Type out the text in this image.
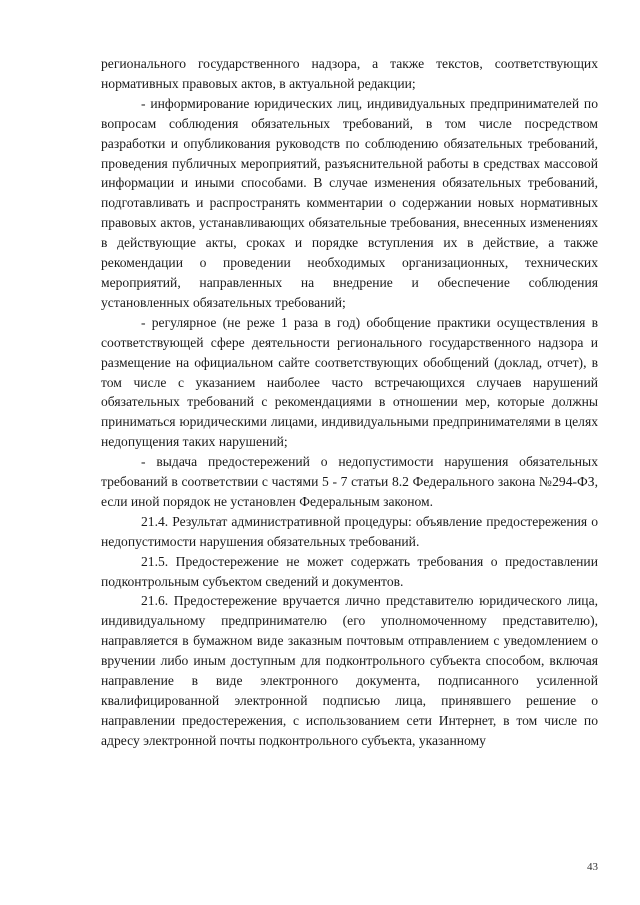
регионального государственного надзора, а также текстов, соответствующих нормативных правовых актов, в актуальной редакции;

- информирование юридических лиц, индивидуальных предпринимателей по вопросам соблюдения обязательных требований, в том числе посредством разработки и опубликования руководств по соблюдению обязательных требований, проведения публичных мероприятий, разъяснительной работы в средствах массовой информации и иными способами. В случае изменения обязательных требований, подготавливать и распространять комментарии о содержании новых нормативных правовых актов, устанавливающих обязательные требования, внесенных изменениях в действующие акты, сроках и порядке вступления их в действие, а также рекомендации о проведении необходимых организационных, технических мероприятий, направленных на внедрение и обеспечение соблюдения установленных обязательных требований;

- регулярное (не реже 1 раза в год) обобщение практики осуществления в соответствующей сфере деятельности регионального государственного надзора и размещение на официальном сайте соответствующих обобщений (доклад, отчет), в том числе с указанием наиболее часто встречающихся случаев нарушений обязательных требований с рекомендациями в отношении мер, которые должны приниматься юридическими лицами, индивидуальными предпринимателями в целях недопущения таких нарушений;

- выдача предостережений о недопустимости нарушения обязательных требований в соответствии с частями 5 - 7 статьи 8.2 Федерального закона №294-ФЗ, если иной порядок не установлен Федеральным законом.

21.4. Результат административной процедуры: объявление предостережения о недопустимости нарушения обязательных требований.

21.5. Предостережение не может содержать требования о предоставлении подконтрольным субъектом сведений и документов.

21.6. Предостережение вручается лично представителю юридического лица, индивидуальному предпринимателю (его уполномоченному представителю), направляется в бумажном виде заказным почтовым отправлением с уведомлением о вручении либо иным доступным для подконтрольного субъекта способом, включая направление в виде электронного документа, подписанного усиленной квалифицированной электронной подписью лица, принявшего решение о направлении предостережения, с использованием сети Интернет, в том числе по адресу электронной почты подконтрольного субъекта, указанному

43
